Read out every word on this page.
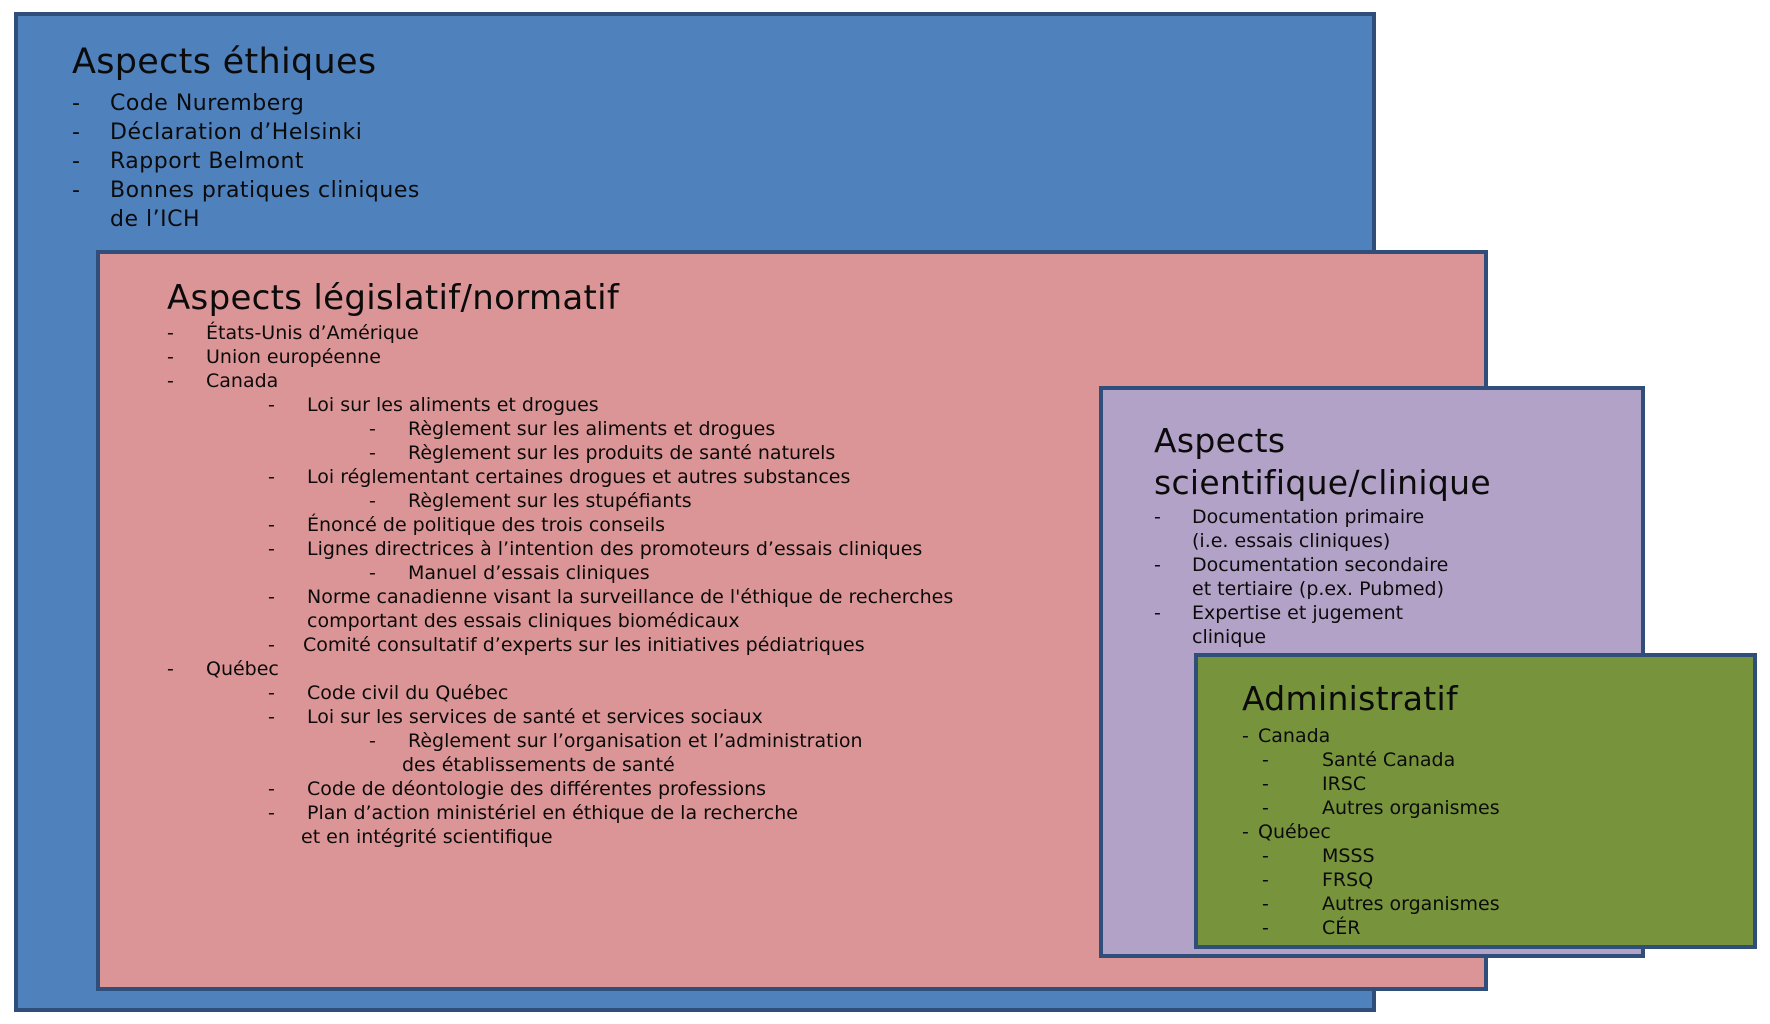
Aspects éthiques
- Code Nuremberg
- Déclaration d’Helsinki
- Rapport Belmont
- Bonnes pratiques cliniques
de l’ICH
Aspects législatif/normatif
- États-Unis d’Amérique
- Union européenne
- Canada
- Loi sur les aliments et drogues
- Règlement sur les aliments et drogues
- Règlement sur les produits de santé naturels
- Loi réglementant certaines drogues et autres substances
- Règlement sur les stupéfiants
- Énoncé de politique des trois conseils
- Lignes directrices à l’intention des promoteurs d’essais cliniques
- Manuel d’essais cliniques
- Norme canadienne visant la surveillance de l'éthique de recherches
comportant des essais cliniques biomédicaux
- Comité consultatif d’experts sur les initiatives pédiatriques
- Québec
- Code civil du Québec
- Loi sur les services de santé et services sociaux
- Règlement sur l’organisation et l’administration
des établissements de santé
- Code de déontologie des différentes professions
- Plan d’action ministériel en éthique de la recherche
et en intégrité scientifique
Aspects
scientifique/clinique
- Documentation primaire
(i.e. essais cliniques)
- Documentation secondaire
et tertiaire (p.ex. Pubmed)
- Expertise et jugement
clinique
Administratif
- Canada
-	Santé Canada
-	IRSC
-	Autres organismes
- Québec
-	MSSS
-	FRSQ
-	Autres organismes
-	CÉR
